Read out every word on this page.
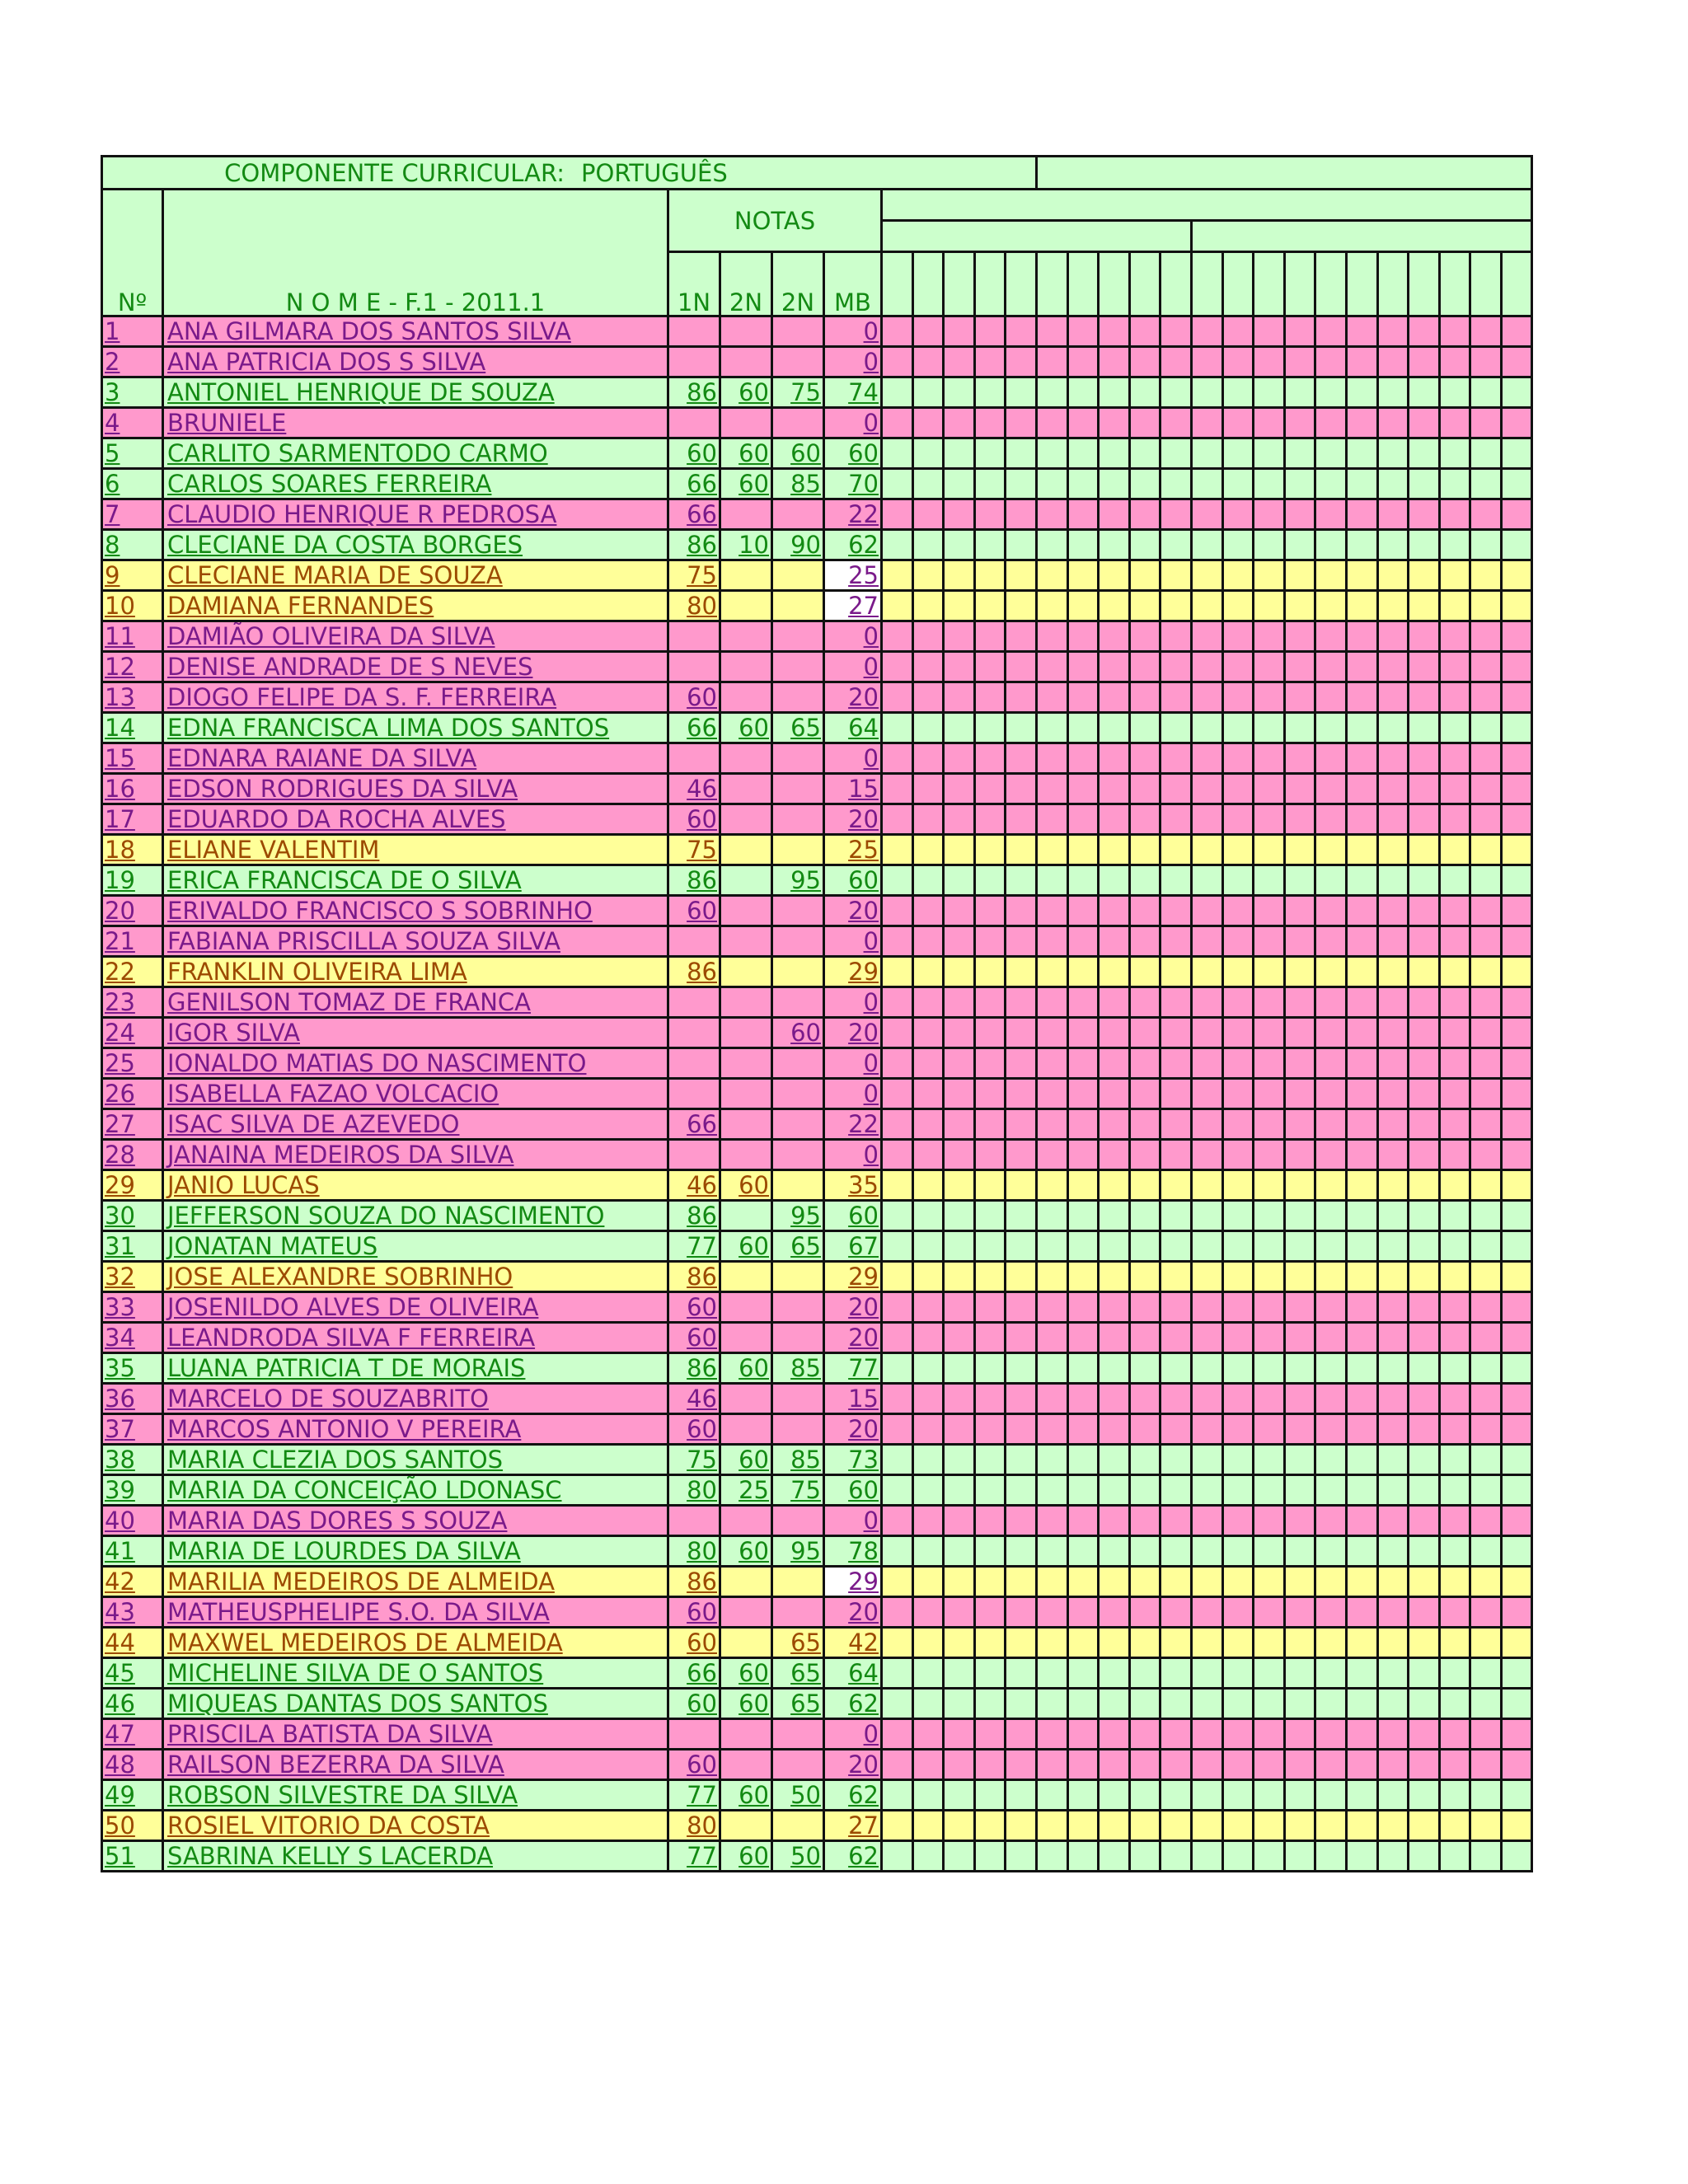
COMPONENTE CURRICULAR: PORTUGUÊS																										
Nº	N O M E - F.1 - 2011.1	NOTAS																								

		1N	2N	2N	MB																					
1	ANA GILMARA DOS SANTOS SILVA				0																					
2	ANA PATRICIA DOS S SILVA				0																					
3	ANTONIEL HENRIQUE DE SOUZA	86	60	75	74																					
4	BRUNIELE				0																					
5	CARLITO SARMENTODO CARMO	60	60	60	60																					
6	CARLOS SOARES FERREIRA	66	60	85	70																					
7	CLAUDIO HENRIQUE R PEDROSA	66			22																					
8	CLECIANE DA COSTA BORGES	86	10	90	62																					
9	CLECIANE MARIA DE SOUZA	75			25																					
10	DAMIANA FERNANDES	80			27																					
11	DAMIÃO OLIVEIRA DA SILVA				0																					
12	DENISE ANDRADE DE S NEVES				0																					
13	DIOGO FELIPE DA S. F. FERREIRA	60			20																					
14	EDNA FRANCISCA LIMA DOS SANTOS	66	60	65	64																					
15	EDNARA RAIANE DA SILVA				0																					
16	EDSON RODRIGUES DA SILVA	46			15																					
17	EDUARDO DA ROCHA ALVES	60			20																					
18	ELIANE VALENTIM	75			25																					
19	ERICA FRANCISCA DE O SILVA	86		95	60																					
20	ERIVALDO FRANCISCO S SOBRINHO	60			20																					
21	FABIANA PRISCILLA SOUZA SILVA				0																					
22	FRANKLIN OLIVEIRA LIMA	86			29																					
23	GENILSON TOMAZ DE FRANCA				0																					
24	IGOR SILVA			60	20																					
25	IONALDO MATIAS DO NASCIMENTO				0																					
26	ISABELLA FAZAO VOLCACIO				0																					
27	ISAC SILVA DE AZEVEDO	66			22																					
28	JANAINA MEDEIROS DA SILVA				0																					
29	JANIO LUCAS	46	60		35																					
30	JEFFERSON SOUZA DO NASCIMENTO	86		95	60																					
31	JONATAN MATEUS	77	60	65	67																					
32	JOSE ALEXANDRE SOBRINHO	86			29																					
33	JOSENILDO ALVES DE OLIVEIRA	60			20																					
34	LEANDRODA SILVA F FERREIRA	60			20																					
35	LUANA PATRICIA T DE MORAIS	86	60	85	77																					
36	MARCELO DE SOUZABRITO	46			15																					
37	MARCOS ANTONIO V PEREIRA	60			20																					
38	MARIA CLEZIA DOS SANTOS	75	60	85	73																					
39	MARIA DA CONCEIÇÃO LDONASC	80	25	75	60																					
40	MARIA DAS DORES S SOUZA				0																					
41	MARIA DE LOURDES DA SILVA	80	60	95	78																					
42	MARILIA MEDEIROS DE ALMEIDA	86			29																					
43	MATHEUSPHELIPE S.O. DA SILVA	60			20																					
44	MAXWEL MEDEIROS DE ALMEIDA	60		65	42																					
45	MICHELINE SILVA DE O SANTOS	66	60	65	64																					
46	MIQUEAS DANTAS DOS SANTOS	60	60	65	62																					
47	PRISCILA BATISTA DA SILVA				0																					
48	RAILSON BEZERRA DA SILVA	60			20																					
49	ROBSON SILVESTRE DA SILVA	77	60	50	62																					
50	ROSIEL VITORIO DA COSTA	80			27																					
51	SABRINA KELLY S LACERDA	77	60	50	62																					
